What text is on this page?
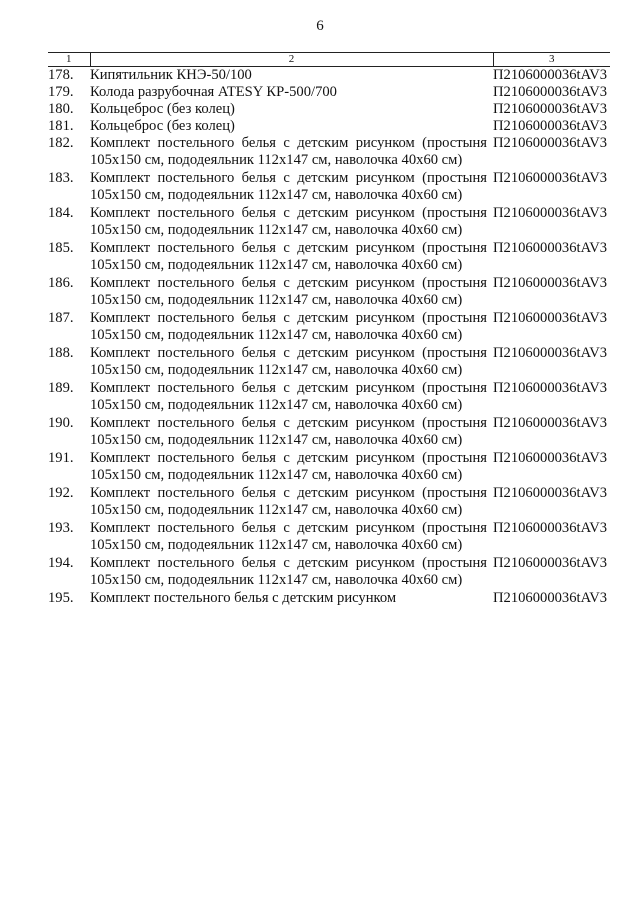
6
1	2	3
178.	Кипятильник КНЭ-50/100	П2106000036tAV3
179.	Колода разрубочная ATESY КР-500/700	П2106000036tAV3
180.	Кольцеброс (без колец)	П2106000036tAV3
181.	Кольцеброс (без колец)	П2106000036tAV3
182.	Комплект постельного белья с детским рисунком (простыня 105х150 см, пододеяльник 112х147 см, наволочка 40х60 см)	П2106000036tAV3
183.	Комплект постельного белья с детским рисунком (простыня 105х150 см, пододеяльник 112х147 см, наволочка 40х60 см)	П2106000036tAV3
184.	Комплект постельного белья с детским рисунком (простыня 105х150 см, пододеяльник 112х147 см, наволочка 40х60 см)	П2106000036tAV3
185.	Комплект постельного белья с детским рисунком (простыня 105х150 см, пододеяльник 112х147 см, наволочка 40х60 см)	П2106000036tAV3
186.	Комплект постельного белья с детским рисунком (простыня 105х150 см, пододеяльник 112х147 см, наволочка 40х60 см)	П2106000036tAV3
187.	Комплект постельного белья с детским рисунком (простыня 105х150 см, пододеяльник 112х147 см, наволочка 40х60 см)	П2106000036tAV3
188.	Комплект постельного белья с детским рисунком (простыня 105х150 см, пододеяльник 112х147 см, наволочка 40х60 см)	П2106000036tAV3
189.	Комплект постельного белья с детским рисунком (простыня 105х150 см, пододеяльник 112х147 см, наволочка 40х60 см)	П2106000036tAV3
190.	Комплект постельного белья с детским рисунком (простыня 105х150 см, пододеяльник 112х147 см, наволочка 40х60 см)	П2106000036tAV3
191.	Комплект постельного белья с детским рисунком (простыня 105х150 см, пододеяльник 112х147 см, наволочка 40х60 см)	П2106000036tAV3
192.	Комплект постельного белья с детским рисунком (простыня 105х150 см, пододеяльник 112х147 см, наволочка 40х60 см)	П2106000036tAV3
193.	Комплект постельного белья с детским рисунком (простыня 105х150 см, пододеяльник 112х147 см, наволочка 40х60 см)	П2106000036tAV3
194.	Комплект постельного белья с детским рисунком (простыня 105х150 см, пододеяльник 112х147 см, наволочка 40х60 см)	П2106000036tAV3
195.	Комплект постельного белья с детским рисунком	П2106000036tAV3
